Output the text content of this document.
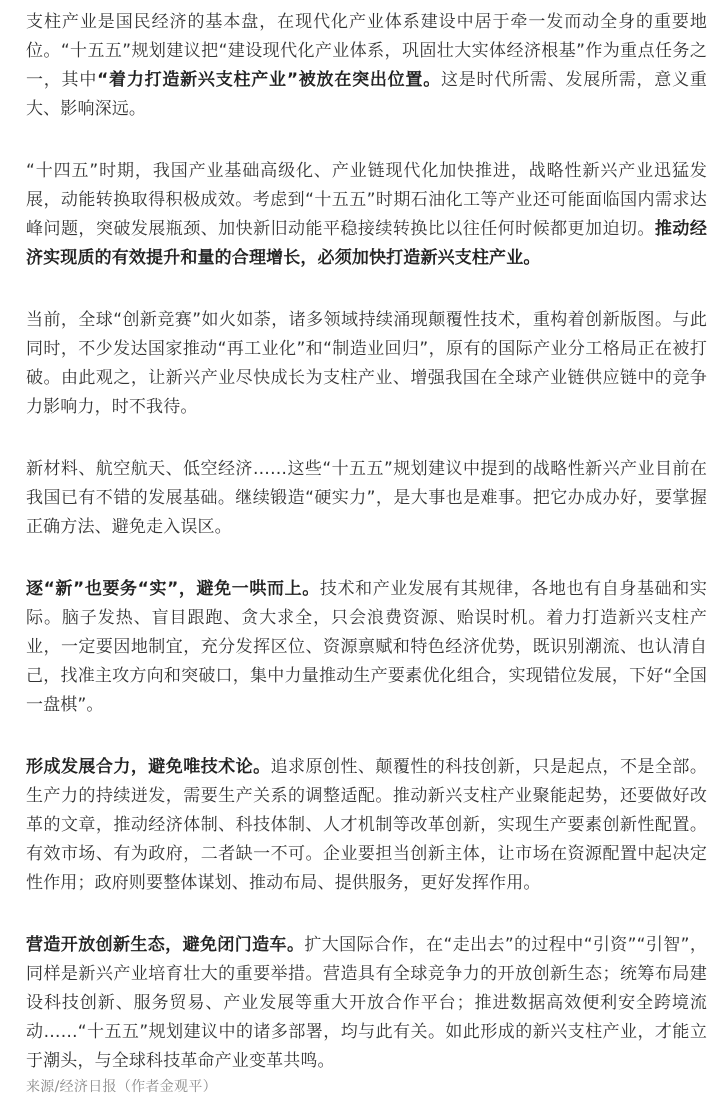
支柱产业是国民经济的基本盘，在现代化产业体系建设中居于牵一发而动全身的重要地位。“十五五”规划建议把“建设现代化产业体系，巩固壮大实体经济根基”作为重点任务之一，其中“着力打造新兴支柱产业”被放在突出位置。这是时代所需、发展所需，意义重大、影响深远。

“十四五”时期，我国产业基础高级化、产业链现代化加快推进，战略性新兴产业迅猛发展，动能转换取得积极成效。考虑到“十五五”时期石油化工等产业还可能面临国内需求达峰问题，突破发展瓶颈、加快新旧动能平稳接续转换比以往任何时候都更加迫切。推动经济实现质的有效提升和量的合理增长，必须加快打造新兴支柱产业。

当前，全球“创新竞赛”如火如荼，诸多领域持续涌现颠覆性技术，重构着创新版图。与此同时，不少发达国家推动“再工业化”和“制造业回归”，原有的国际产业分工格局正在被打破。由此观之，让新兴产业尽快成长为支柱产业、增强我国在全球产业链供应链中的竞争力影响力，时不我待。

新材料、航空航天、低空经济……这些“十五五”规划建议中提到的战略性新兴产业目前在我国已有不错的发展基础。继续锻造“硬实力”，是大事也是难事。把它办成办好，要掌握正确方法、避免走入误区。

逐“新”也要务“实”，避免一哄而上。技术和产业发展有其规律，各地也有自身基础和实际。脑子发热、盲目跟跑、贪大求全，只会浪费资源、贻误时机。着力打造新兴支柱产业，一定要因地制宜，充分发挥区位、资源禀赋和特色经济优势，既识别潮流、也认清自己，找准主攻方向和突破口，集中力量推动生产要素优化组合，实现错位发展，下好“全国一盘棋”。

形成发展合力，避免唯技术论。追求原创性、颠覆性的科技创新，只是起点，不是全部。生产力的持续迸发，需要生产关系的调整适配。推动新兴支柱产业聚能起势，还要做好改革的文章，推动经济体制、科技体制、人才机制等改革创新，实现生产要素创新性配置。有效市场、有为政府，二者缺一不可。企业要担当创新主体，让市场在资源配置中起决定性作用；政府则要整体谋划、推动布局、提供服务，更好发挥作用。

营造开放创新生态，避免闭门造车。扩大国际合作，在“走出去”的过程中“引资”“引智”，同样是新兴产业培育壮大的重要举措。营造具有全球竞争力的开放创新生态；统筹布局建设科技创新、服务贸易、产业发展等重大开放合作平台；推进数据高效便利安全跨境流动……“十五五”规划建议中的诸多部署，均与此有关。如此形成的新兴支柱产业，才能立于潮头，与全球科技革命产业变革共鸣。

来源/经济日报（作者金观平）
